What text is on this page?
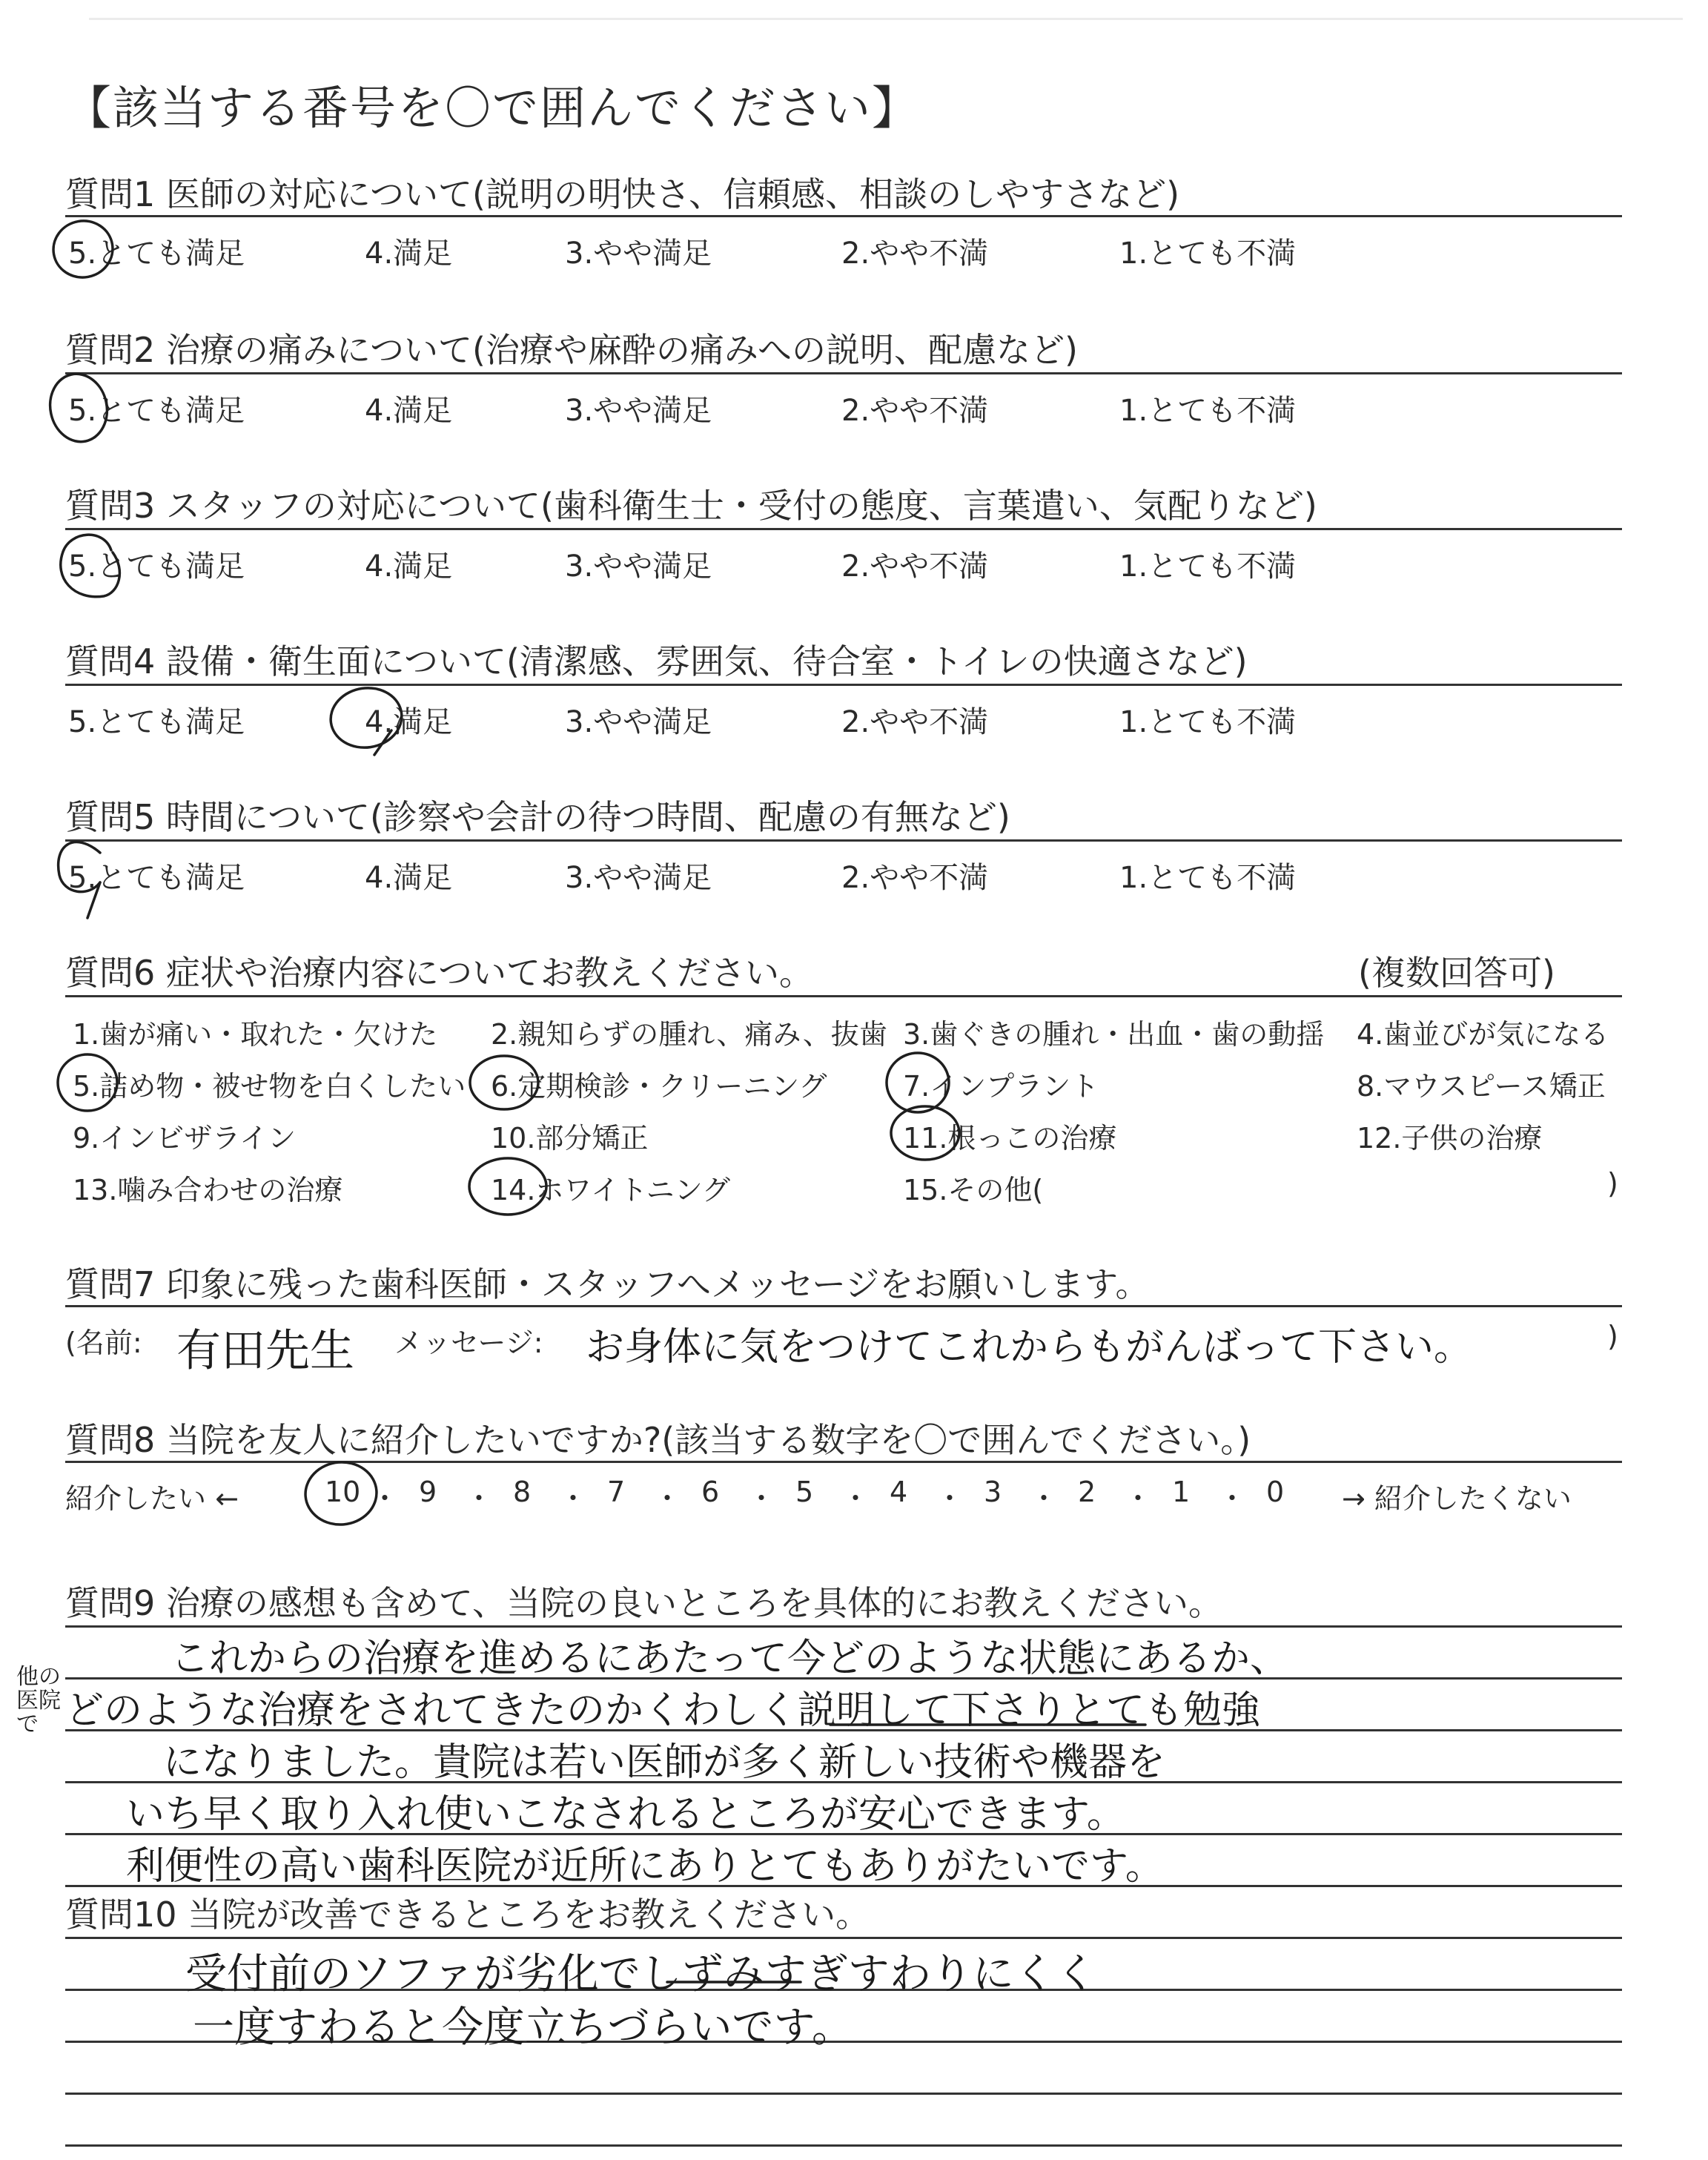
【該当する番号を〇で囲んでください】
質問1 医師の対応について(説明の明快さ、信頼感、相談のしやすさなど)
5.とても満足	4.満足	3.やや満足	2.やや不満	1.とても不満
質問2 治療の痛みについて(治療や麻酔の痛みへの説明、配慮など)
5.とても満足	4.満足	3.やや満足	2.やや不満	1.とても不満
質問3 スタッフの対応について(歯科衛生士・受付の態度、言葉遣い、気配りなど)
5.とても満足	4.満足	3.やや満足	2.やや不満	1.とても不満
質問4 設備・衛生面について(清潔感、雰囲気、待合室・トイレの快適さなど)
5.とても満足	4.満足	3.やや満足	2.やや不満	1.とても不満
質問5 時間について(診察や会計の待つ時間、配慮の有無など)
5.とても満足	4.満足	3.やや満足	2.やや不満	1.とても不満
質問6 症状や治療内容についてお教えください。	(複数回答可)
1.歯が痛い・取れた・欠けた 2.親知らずの腫れ、痛み、抜歯 3.歯ぐきの腫れ・出血・歯の動揺 4.歯並びが気になる
5.詰め物・被せ物を白くしたい 6.定期検診・クリーニング	7.インプラント	8.マウスピース矯正
9.インビザライン	10.部分矯正	11.根っこの治療	12.子供の治療
13.噛み合わせの治療	14.ホワイトニング	15.その他(	)
質問7 印象に残った歯科医師・スタッフへメッセージをお願いします。
(名前: 有田先生 メッセージ: お身体に気をつけてこれからもがんばって下さい。	)
質問8 当院を友人に紹介したいですか?(該当する数字を〇で囲んでください。)
紹介したい ←	→ 紹介したくない
10 ・ 9 ・ 8 ・ 7 ・ 6 ・ 5 ・ 4 ・ 3 ・ 2 ・ 1 ・ 0
質問9 治療の感想も含めて、当院の良いところを具体的にお教えください。
他の医院で
これからの治療を進めるにあたって今どのような状態にあるか、
どのような治療をされてきたのかくわしく説明して下さりとても勉強
になりました。貴院は若い医師が多く新しい技術や機器を
いち早く取り入れ使いこなされるところが安心できます。
利便性の高い歯科医院が近所にありとてもありがたいです。
質問10 当院が改善できるところをお教えください。
受付前のソファが劣化でしずみすぎすわりにくく
一度すわると今度立ちづらいです。
